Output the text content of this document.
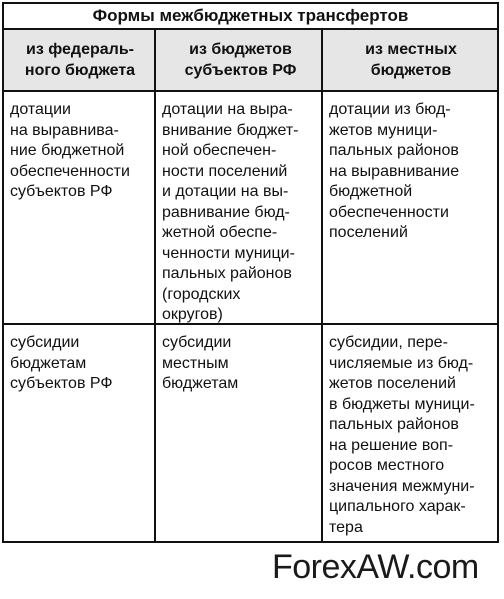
Формы межбюджетных трансфертов
из федераль-
ного бюджета
из бюджетов
субъектов РФ
из местных
бюджетов
дотации
на выравнива-
ние бюджетной
обеспеченности
субъектов РФ
дотации на выра-
внивание бюджет-
ной обеспечен-
ности поселений
и дотации на вы-
равнивание бюд-
жетной обеспе-
ченности муници-
пальных районов
(городских
округов)
дотации из бюд-
жетов муници-
пальных районов
на выравнивание
бюджетной
обеспеченности
поселений
субсидии
бюджетам
субъектов РФ
субсидии
местным
бюджетам
субсидии, пере-
числяемые из бюд-
жетов поселений
в бюджеты муници-
пальных районов
на решение воп-
росов местного
значения межмуни-
ципального харак-
тера
ForexAW.com
